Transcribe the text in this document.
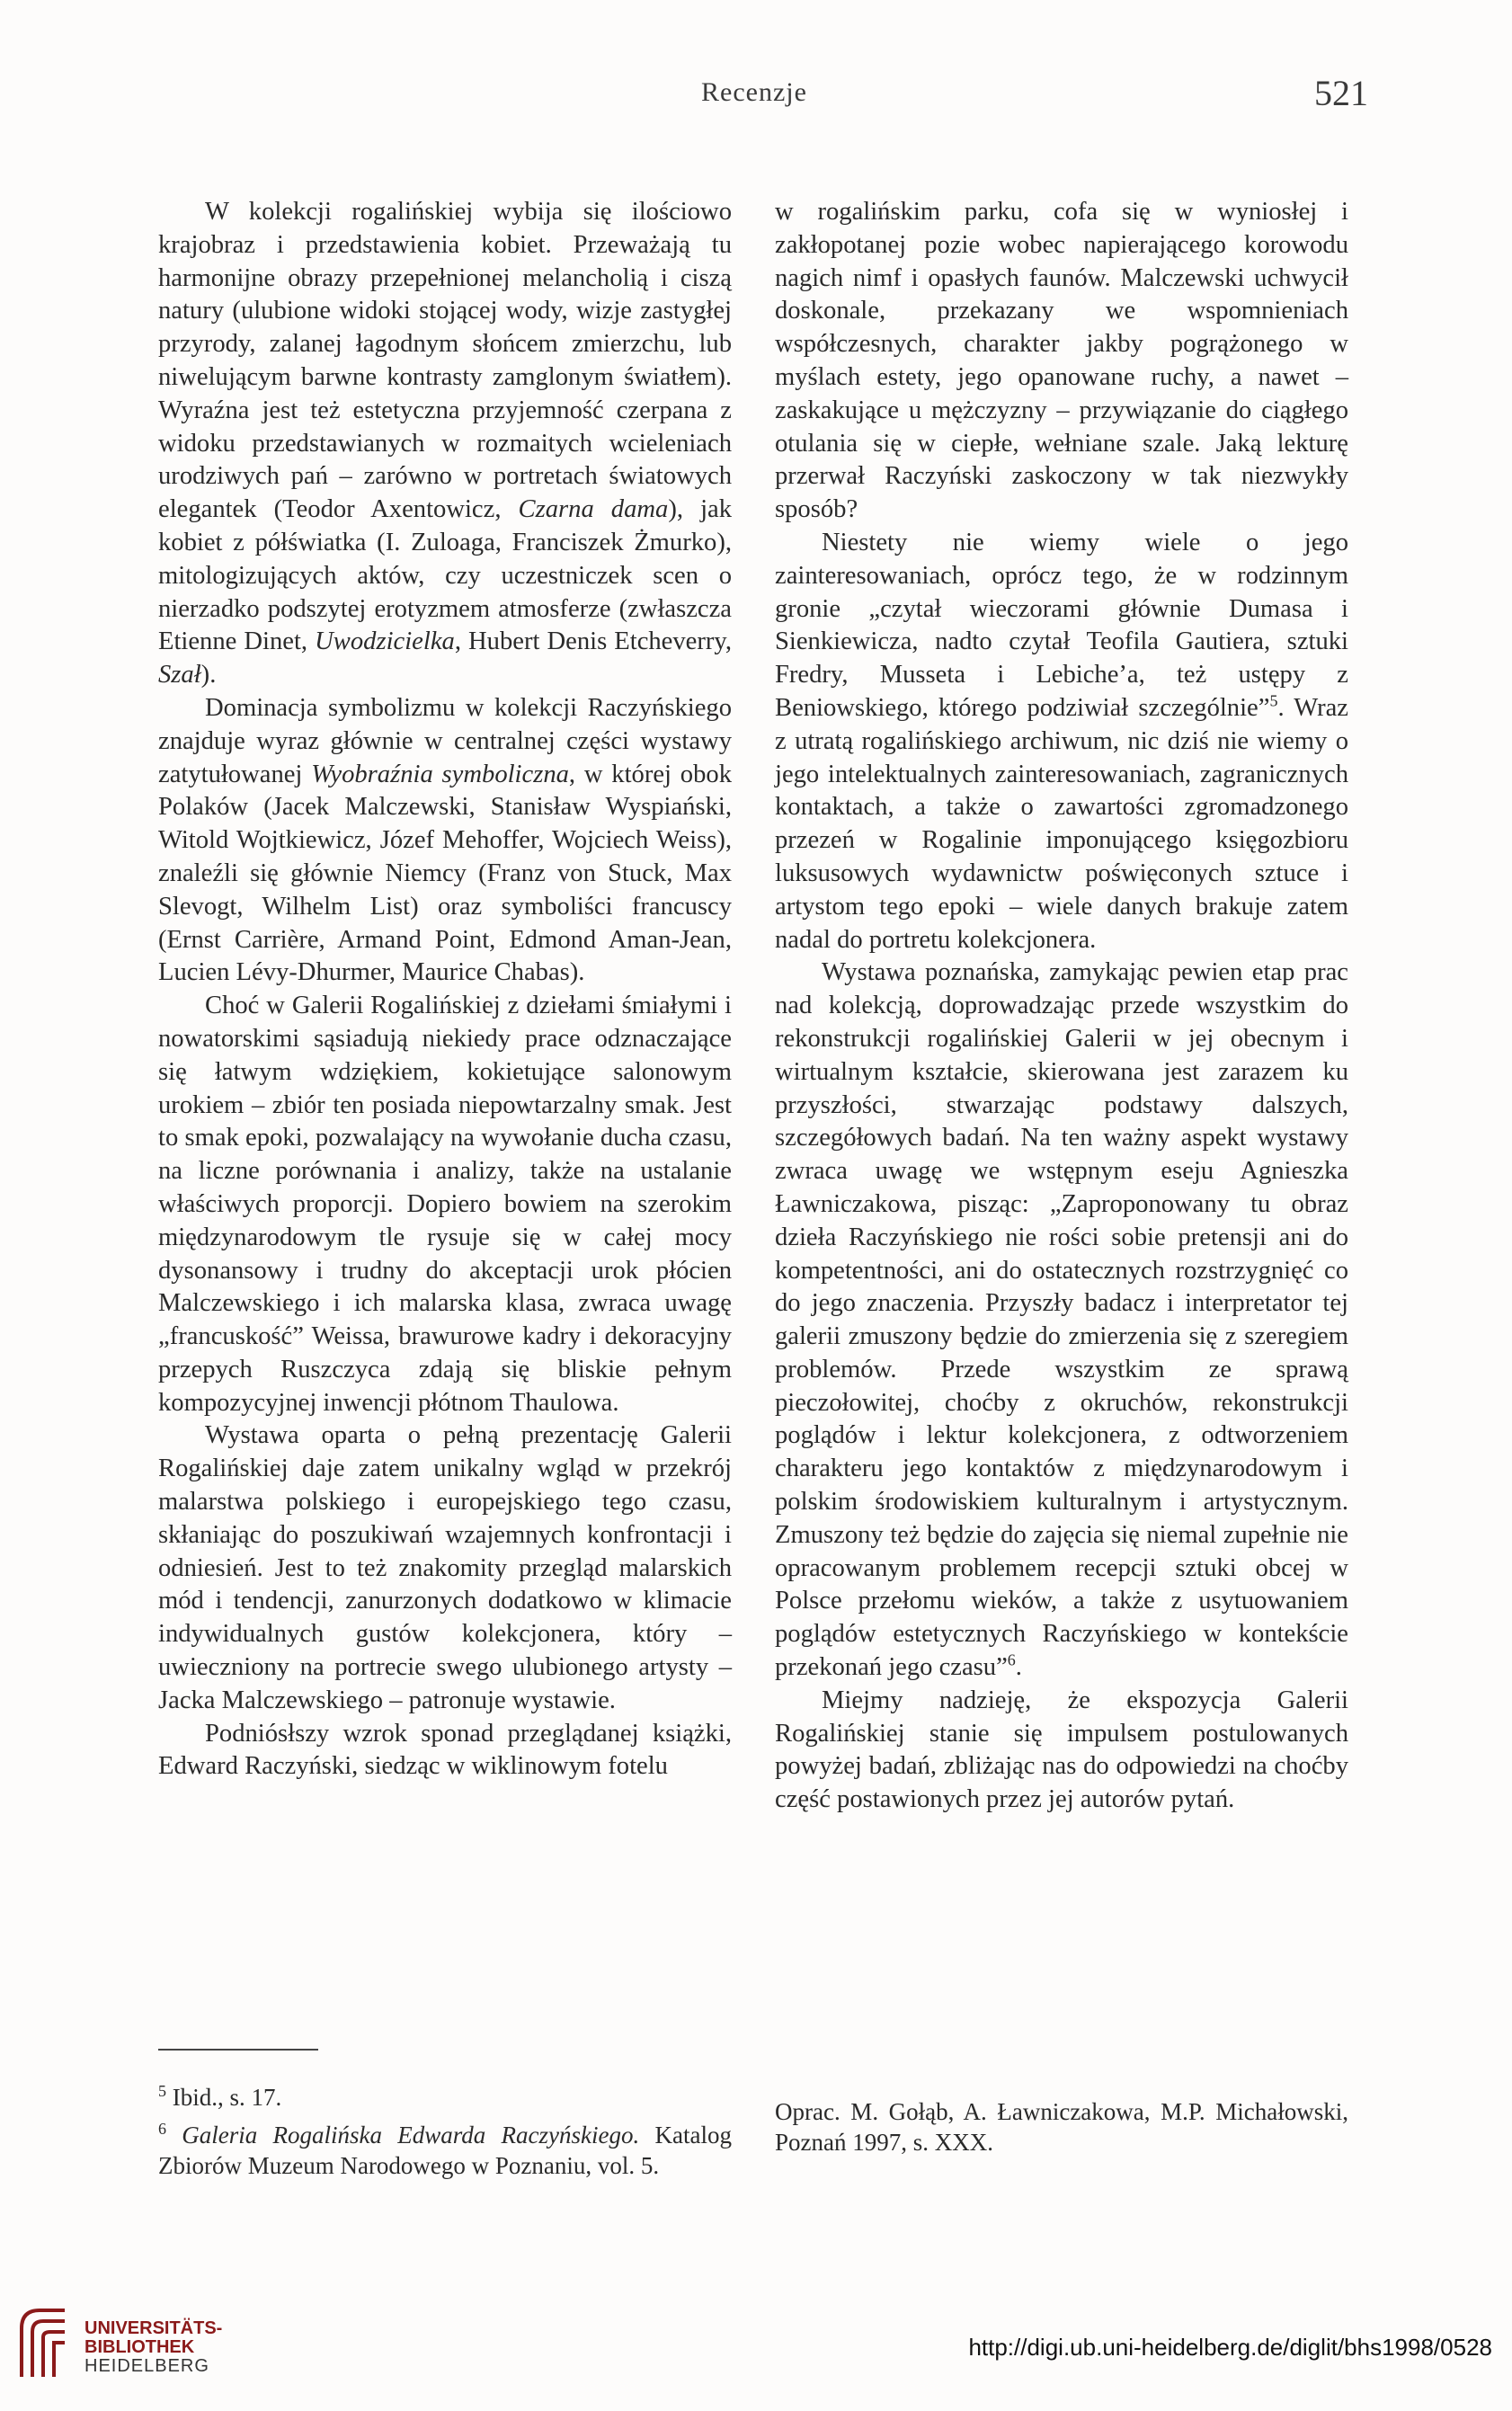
Recenzje	521

W kolekcji rogalińskiej wybija się ilościowo krajobraz i przedstawienia kobiet. Przeważają tu harmonijne obrazy przepełnionej melancholią i ciszą natury (ulubione widoki stojącej wody, wizje zastygłej przyrody, zalanej łagodnym słońcem zmierzchu, lub niwelującym barwne kontrasty zamglonym światłem). Wyraźna jest też estetyczna przyjemność czerpana z widoku przedstawianych w rozmaitych wcieleniach urodziwych pań – zarówno w portretach światowych elegantek (Teodor Axentowicz, Czarna dama), jak kobiet z półświatka (I. Zuloaga, Franciszek Żmurko), mitologizujących aktów, czy uczestniczek scen o nierzadko podszytej erotyzmem atmosferze (zwłaszcza Etienne Dinet, Uwodzicielka, Hubert Denis Etcheverry, Szał).

Dominacja symbolizmu w kolekcji Raczyńskiego znajduje wyraz głównie w centralnej części wystawy zatytułowanej Wyobraźnia symboliczna, w której obok Polaków (Jacek Malczewski, Stanisław Wyspiański, Witold Wojtkiewicz, Józef Mehoffer, Wojciech Weiss), znaleźli się głównie Niemcy (Franz von Stuck, Max Slevogt, Wilhelm List) oraz symboliści francuscy (Ernst Carrière, Armand Point, Edmond Aman-Jean, Lucien Lévy-Dhurmer, Maurice Chabas).

Choć w Galerii Rogalińskiej z dziełami śmiałymi i nowatorskimi sąsiadują niekiedy prace odznaczające się łatwym wdziękiem, kokietujące salonowym urokiem – zbiór ten posiada niepowtarzalny smak. Jest to smak epoki, pozwalający na wywołanie ducha czasu, na liczne porównania i analizy, także na ustalanie właściwych proporcji. Dopiero bowiem na szerokim międzynarodowym tle rysuje się w całej mocy dysonansowy i trudny do akceptacji urok płócien Malczewskiego i ich malarska klasa, zwraca uwagę „francuskość” Weissa, brawurowe kadry i dekoracyjny przepych Ruszczyca zdają się bliskie pełnym kompozycyjnej inwencji płótnom Thaulowa.

Wystawa oparta o pełną prezentację Galerii Rogalińskiej daje zatem unikalny wgląd w przekrój malarstwa polskiego i europejskiego tego czasu, skłaniając do poszukiwań wzajemnych konfrontacji i odniesień. Jest to też znakomity przegląd malarskich mód i tendencji, zanurzonych dodatkowo w klimacie indywidualnych gustów kolekcjonera, który – uwieczniony na portrecie swego ulubionego artysty – Jacka Malczewskiego – patronuje wystawie.

Podniósłszy wzrok sponad przeglądanej książki, Edward Raczyński, siedząc w wiklinowym fotelu

w rogalińskim parku, cofa się w wyniosłej i zakłopotanej pozie wobec napierającego korowodu nagich nimf i opasłych faunów. Malczewski uchwycił doskonale, przekazany we wspomnieniach współczesnych, charakter jakby pogrążonego w myślach estety, jego opanowane ruchy, a nawet – zaskakujące u mężczyzny – przywiązanie do ciągłego otulania się w ciepłe, wełniane szale. Jaką lekturę przerwał Raczyński zaskoczony w tak niezwykły sposób?

Niestety nie wiemy wiele o jego zainteresowaniach, oprócz tego, że w rodzinnym gronie „czytał wieczorami głównie Dumasa i Sienkiewicza, nadto czytał Teofila Gautiera, sztuki Fredry, Musseta i Lebiche’a, też ustępy z Beniowskiego, którego podziwiał szczególnie”$^5$. Wraz z utratą rogalińskiego archiwum, nic dziś nie wiemy o jego intelektualnych zainteresowaniach, zagranicznych kontaktach, a także o zawartości zgromadzonego przezeń w Rogalinie imponującego księgozbioru luksusowych wydawnictw poświęconych sztuce i artystom tego epoki – wiele danych brakuje zatem nadal do portretu kolekcjonera.

Wystawa poznańska, zamykając pewien etap prac nad kolekcją, doprowadzając przede wszystkim do rekonstrukcji rogalińskiej Galerii w jej obecnym i wirtualnym kształcie, skierowana jest zarazem ku przyszłości, stwarzając podstawy dalszych, szczegółowych badań. Na ten ważny aspekt wystawy zwraca uwagę we wstępnym eseju Agnieszka Ławniczakowa, pisząc: „Zaproponowany tu obraz dzieła Raczyńskiego nie rości sobie pretensji ani do kompetentności, ani do ostatecznych rozstrzygnięć co do jego znaczenia. Przyszły badacz i interpretator tej galerii zmuszony będzie do zmierzenia się z szeregiem problemów. Przede wszystkim ze sprawą pieczołowitej, choćby z okruchów, rekonstrukcji poglądów i lektur kolekcjonera, z odtworzeniem charakteru jego kontaktów z międzynarodowym i polskim środowiskiem kulturalnym i artystycznym. Zmuszony też będzie do zajęcia się niemal zupełnie nie opracowanym problemem recepcji sztuki obcej w Polsce przełomu wieków, a także z usytuowaniem poglądów estetycznych Raczyńskiego w kontekście przekonań jego czasu”$^6$.

Miejmy nadzieję, że ekspozycja Galerii Rogalińskiej stanie się impulsem postulowanych powyżej badań, zbliżając nas do odpowiedzi na choćby część postawionych przez jej autorów pytań.

$^5$ Ibid., s. 17.

$^6$ Galeria Rogalińska Edwarda Raczyńskiego. Katalog Zbiorów Muzeum Narodowego w Poznaniu, vol. 5.

Oprac. M. Gołąb, A. Ławniczakowa, M.P. Michałowski, Poznań 1997, s. XXX.

UNIVERSITÄTS-
BIBLIOTHEK
HEIDELBERG
http://digi.ub.uni-heidelberg.de/diglit/bhs1998/0528
